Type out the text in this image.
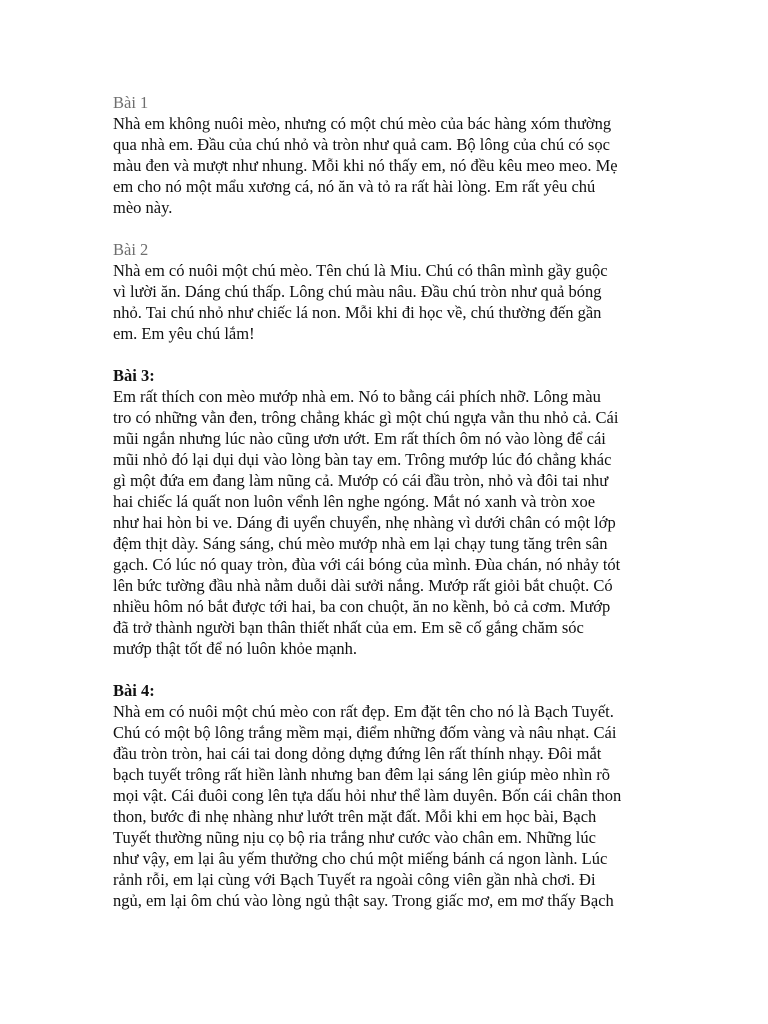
Bài 1
Nhà em không nuôi mèo, nhưng có một chú mèo của bác hàng xóm thường
qua nhà em. Đầu của chú nhỏ và tròn như quả cam. Bộ lông của chú có sọc
màu đen và mượt như nhung. Mỗi khi nó thấy em, nó đều kêu meo meo. Mẹ
em cho nó một mẩu xương cá, nó ăn và tỏ ra rất hài lòng. Em rất yêu chú
mèo này.
Bài 2
Nhà em có nuôi một chú mèo. Tên chú là Miu. Chú có thân mình gầy guộc
vì lười ăn. Dáng chú thấp. Lông chú màu nâu. Đầu chú tròn như quả bóng
nhỏ. Tai chú nhỏ như chiếc lá non. Mỗi khi đi học về, chú thường đến gần
em. Em yêu chú lắm!
Bài 3:
Em rất thích con mèo mướp nhà em. Nó to bằng cái phích nhỡ. Lông màu
tro có những vằn đen, trông chẳng khác gì một chú ngựa vằn thu nhỏ cả. Cái
mũi ngắn nhưng lúc nào cũng ươn ướt. Em rất thích ôm nó vào lòng để cái
mũi nhỏ đó lại dụi dụi vào lòng bàn tay em. Trông mướp lúc đó chẳng khác
gì một đứa em đang làm nũng cả. Mướp có cái đầu tròn, nhỏ và đôi tai như
hai chiếc lá quất non luôn vểnh lên nghe ngóng. Mắt nó xanh và tròn xoe
như hai hòn bi ve. Dáng đi uyển chuyển, nhẹ nhàng vì dưới chân có một lớp
đệm thịt dày. Sáng sáng, chú mèo mướp nhà em lại chạy tung tăng trên sân
gạch. Có lúc nó quay tròn, đùa với cái bóng của mình. Đùa chán, nó nhảy tót
lên bức tường đầu nhà nằm duỗi dài sưởi nắng. Mướp rất giỏi bắt chuột. Có
nhiều hôm nó bắt được tới hai, ba con chuột, ăn no kềnh, bỏ cả cơm. Mướp
đã trở thành người bạn thân thiết nhất của em. Em sẽ cố gắng chăm sóc
mướp thật tốt để nó luôn khỏe mạnh.
Bài 4:
Nhà em có nuôi một chú mèo con rất đẹp. Em đặt tên cho nó là Bạch Tuyết.
Chú có một bộ lông trắng mềm mại, điểm những đốm vàng và nâu nhạt. Cái
đầu tròn tròn, hai cái tai dong dỏng dựng đứng lên rất thính nhạy. Đôi mắt
bạch tuyết trông rất hiền lành nhưng ban đêm lại sáng lên giúp mèo nhìn rõ
mọi vật. Cái đuôi cong lên tựa dấu hỏi như thể làm duyên. Bốn cái chân thon
thon, bước đi nhẹ nhàng như lướt trên mặt đất. Mỗi khi em học bài, Bạch
Tuyết thường nũng nịu cọ bộ ria trắng như cước vào chân em. Những lúc
như vậy, em lại âu yếm thưởng cho chú một miếng bánh cá ngon lành. Lúc
rảnh rỗi, em lại cùng với Bạch Tuyết ra ngoài công viên gần nhà chơi. Đi
ngủ, em lại ôm chú vào lòng ngủ thật say. Trong giấc mơ, em mơ thấy Bạch
